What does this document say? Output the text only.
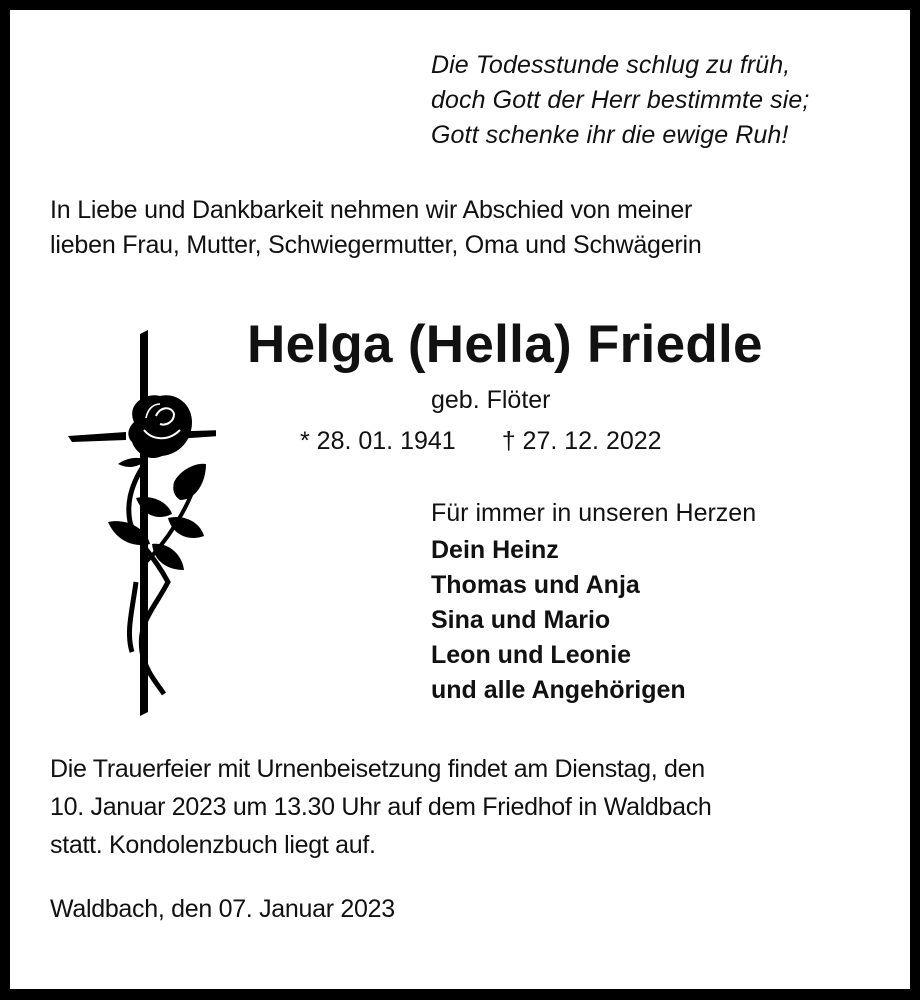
Die Todesstunde schlug zu früh,
doch Gott der Herr bestimmte sie;
Gott schenke ihr die ewige Ruh!
In Liebe und Dankbarkeit nehmen wir Abschied von meiner
lieben Frau, Mutter, Schwiegermutter, Oma und Schwägerin
Helga (Hella) Friedle
geb. Flöter
* 28. 01. 1941 † 27. 12. 2022
Für immer in unseren Herzen
Dein Heinz
Thomas und Anja
Sina und Mario
Leon und Leonie
und alle Angehörigen
Die Trauerfeier mit Urnenbeisetzung findet am Dienstag, den
10. Januar 2023 um 13.30 Uhr auf dem Friedhof in Waldbach
statt. Kondolenzbuch liegt auf.
Waldbach, den 07. Januar 2023
